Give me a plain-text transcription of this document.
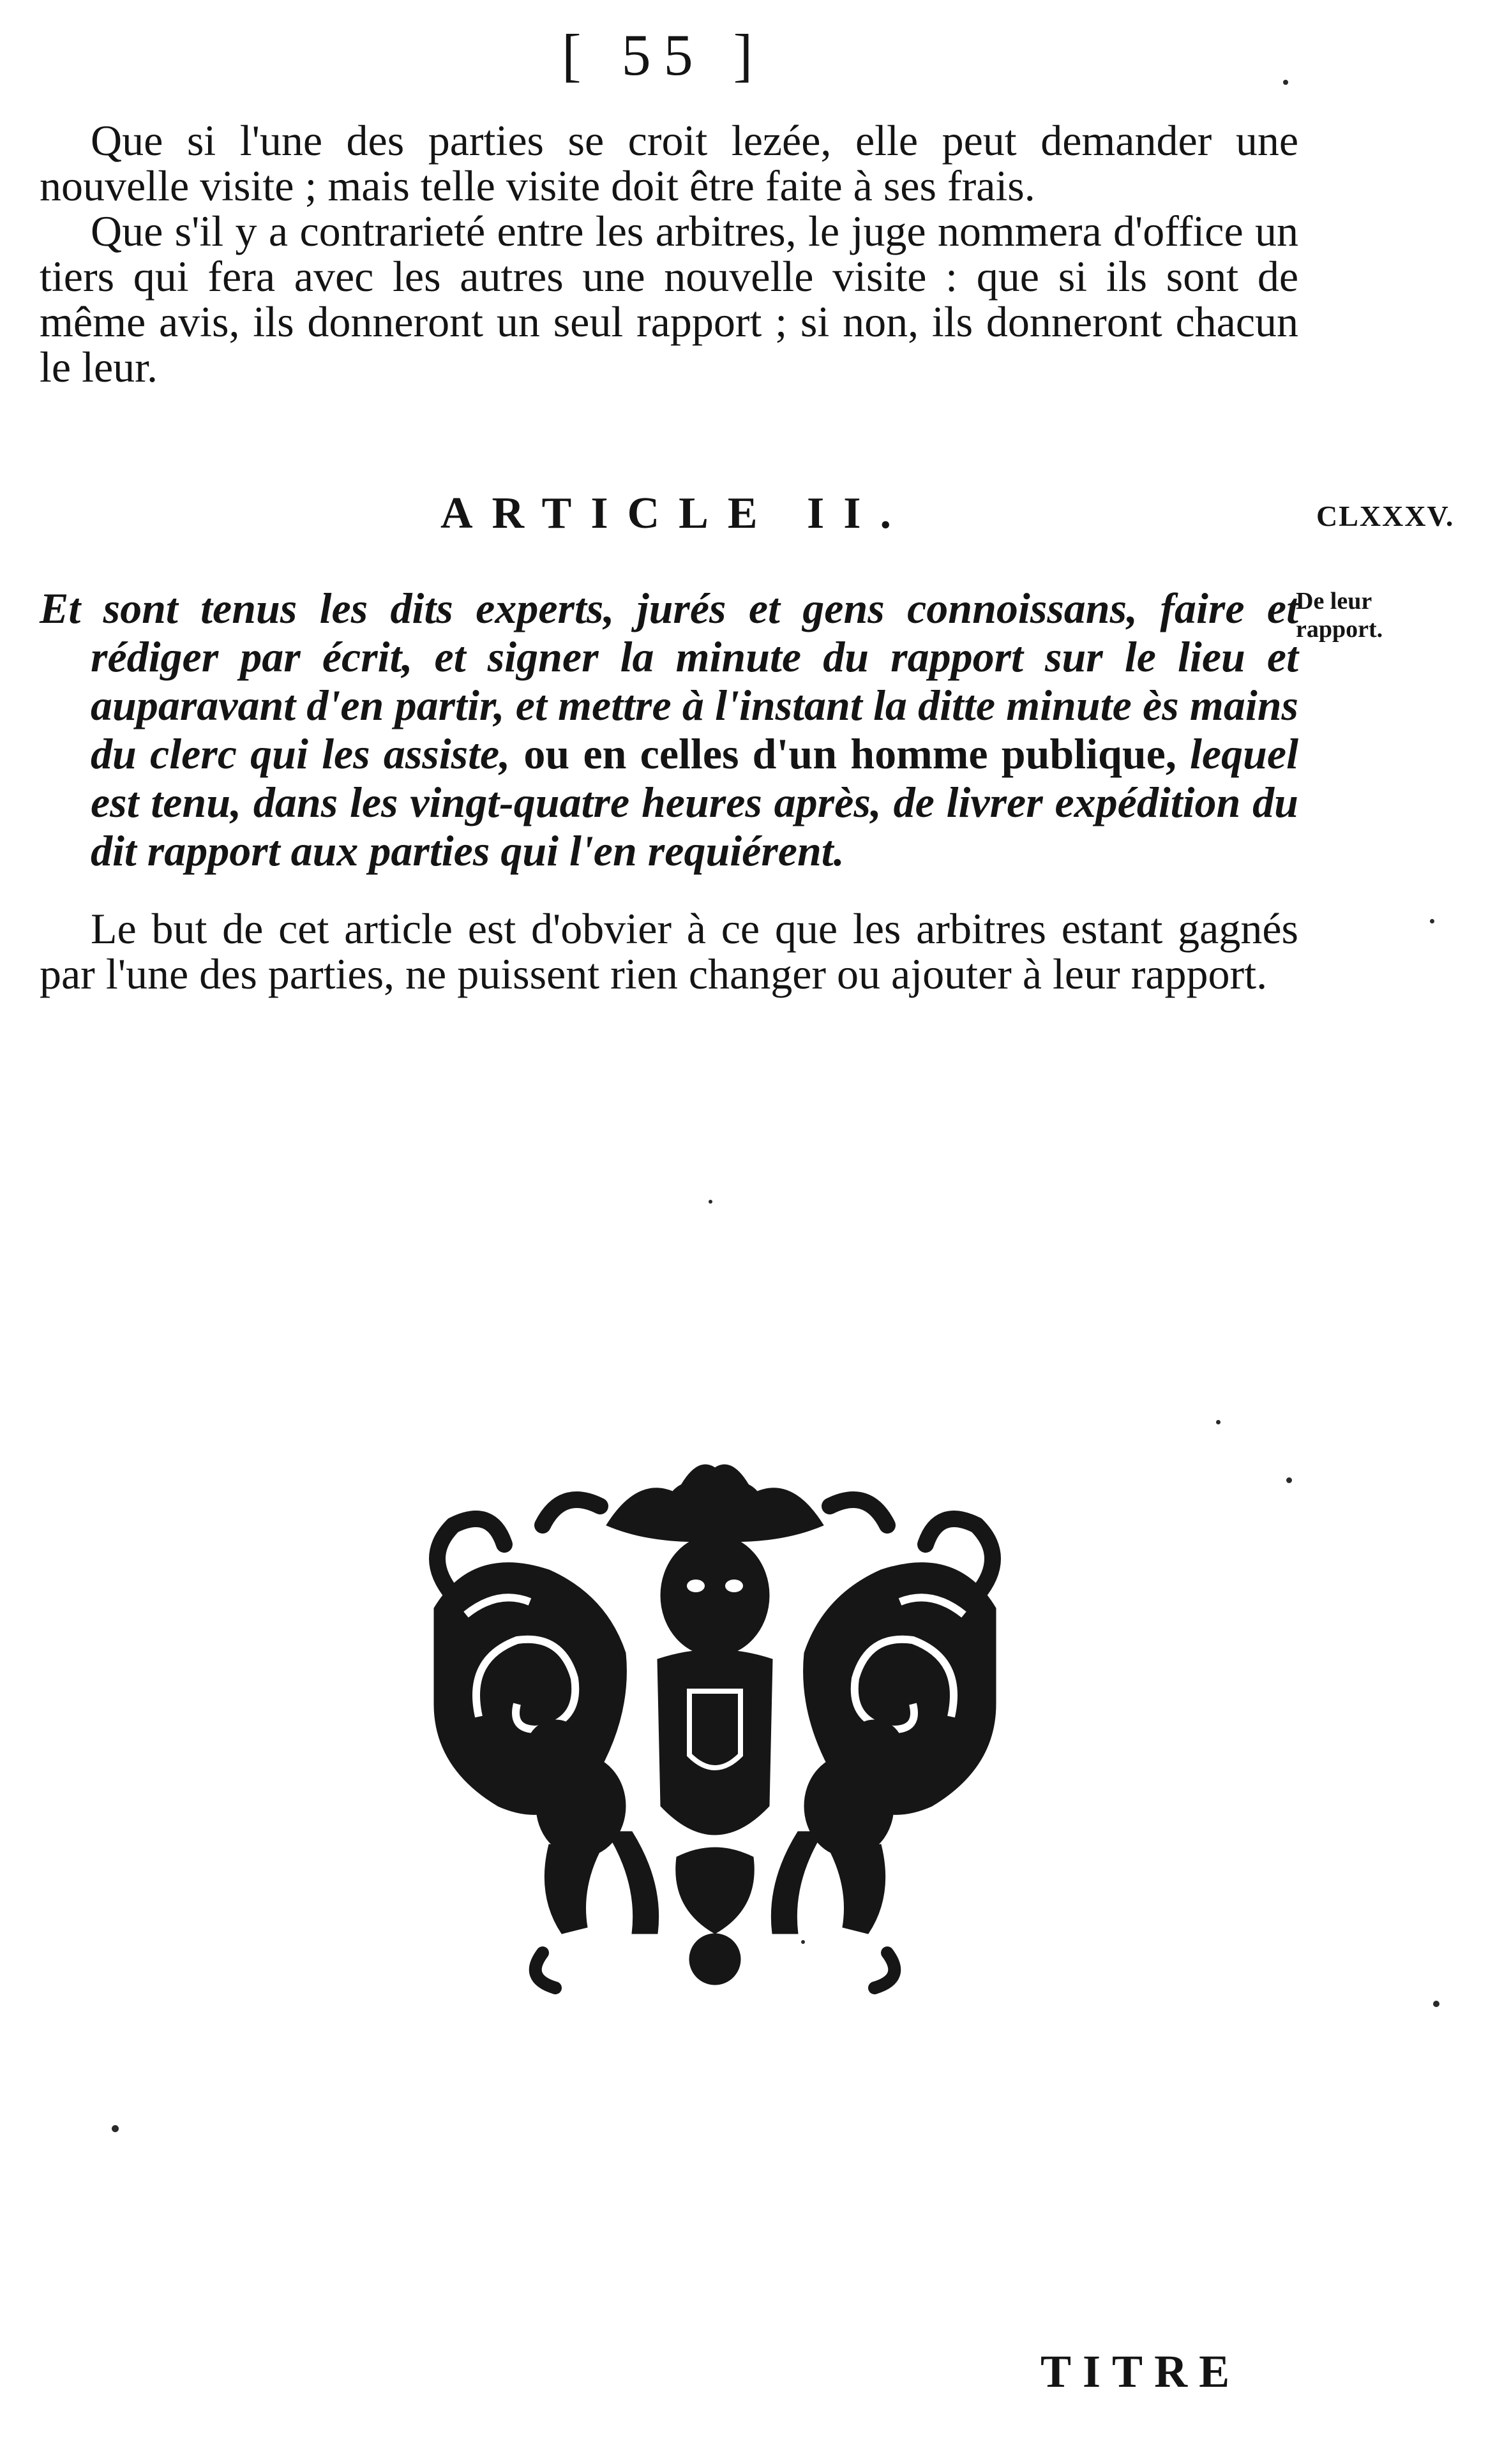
[ 55 ]

Que si l'une des parties se croit lezée, elle peut demander une nouvelle visite ; mais telle visite doit être faite à ses frais.

Que s'il y a contrarieté entre les arbitres, le juge nommera d'office un tiers qui fera avec les autres une nouvelle visite : que si ils sont de même avis, ils donneront un seul rapport ; si non, ils donneront chacun le leur.

ARTICLE II.	CLXXXV.
De leur rapport.

Et sont tenus les dits experts, jurés et gens connoissans, faire et rédiger par écrit, et signer la minute du rapport sur le lieu et auparavant d'en partir, et mettre à l'instant la ditte minute ès mains du clerc qui les assiste, ou en celles d'un homme publique, lequel est tenu, dans les vingt-quatre heures après, de livrer expédition du dit rapport aux parties qui l'en requiérent.

Le but de cet article est d'obvier à ce que les arbitres estant gagnés par l'une des parties, ne puissent rien changer ou ajouter à leur rapport.

TITRE
